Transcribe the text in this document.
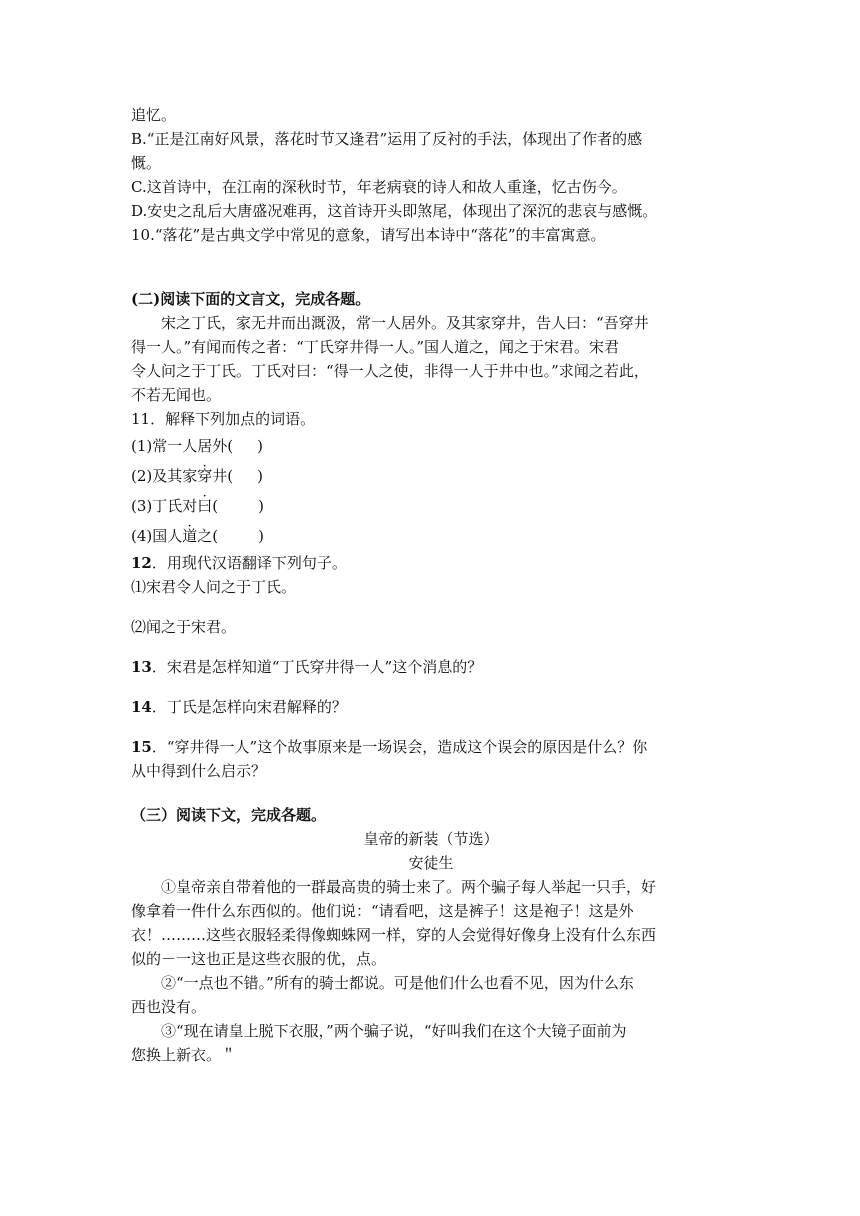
追忆。
B.“正是江南好风景，落花时节又逢君”运用了反衬的手法，体现出了作者的感
慨。
C.这首诗中，在江南的深秋时节，年老病衰的诗人和故人重逢，忆古伤今。
D.安史之乱后大唐盛况难再，这首诗开头即煞尾，体现出了深沉的悲哀与感慨。
10.“落花”是古典文学中常见的意象，请写出本诗中“落花”的丰富寓意。
(二)阅读下面的文言文，完成各题。
宋之丁氏，家无井而出溉汲，常一人居外。及其家穿井，告人曰：“吾穿井
得一人。”有闻而传之者：“丁氏穿井得一人。”国人道之，闻之于宋君。宋君
令人问之于丁氏。丁氏对曰：“得一人之使，非得一人于井中也。”求闻之若此，
不若无闻也。
11．解释下列加点的词语。
(1)常一人居外( )
(2)及其家穿井( )
(3)丁氏对曰(	)
(4)国人道之(	)
12．用现代汉语翻译下列句子。
⑴宋君令人问之于丁氏。
⑵闻之于宋君。
13．宋君是怎样知道“丁氏穿井得一人”这个消息的？
14．丁氏是怎样向宋君解释的？
15．“穿井得一人”这个故事原来是一场误会，造成这个误会的原因是什么？你
从中得到什么启示？
（三）阅读下文，完成各题。
皇帝的新装（节选）
安徒生
①皇帝亲自带着他的一群最高贵的骑士来了。两个骗子每人举起一只手，好
像拿着一件什么东西似的。他们说：“请看吧，这是裤子！这是袍子！这是外
衣！………这些衣服轻柔得像蜘蛛网一样，穿的人会觉得好像身上没有什么东西
似的－一这也正是这些衣服的优，点。
②“一点也不错。”所有的骑士都说。可是他们什么也看不见，因为什么东
西也没有。
③“现在请皇上脱下衣服，”两个骗子说，“好叫我们在这个大镜子面前为
您换上新衣。＂
